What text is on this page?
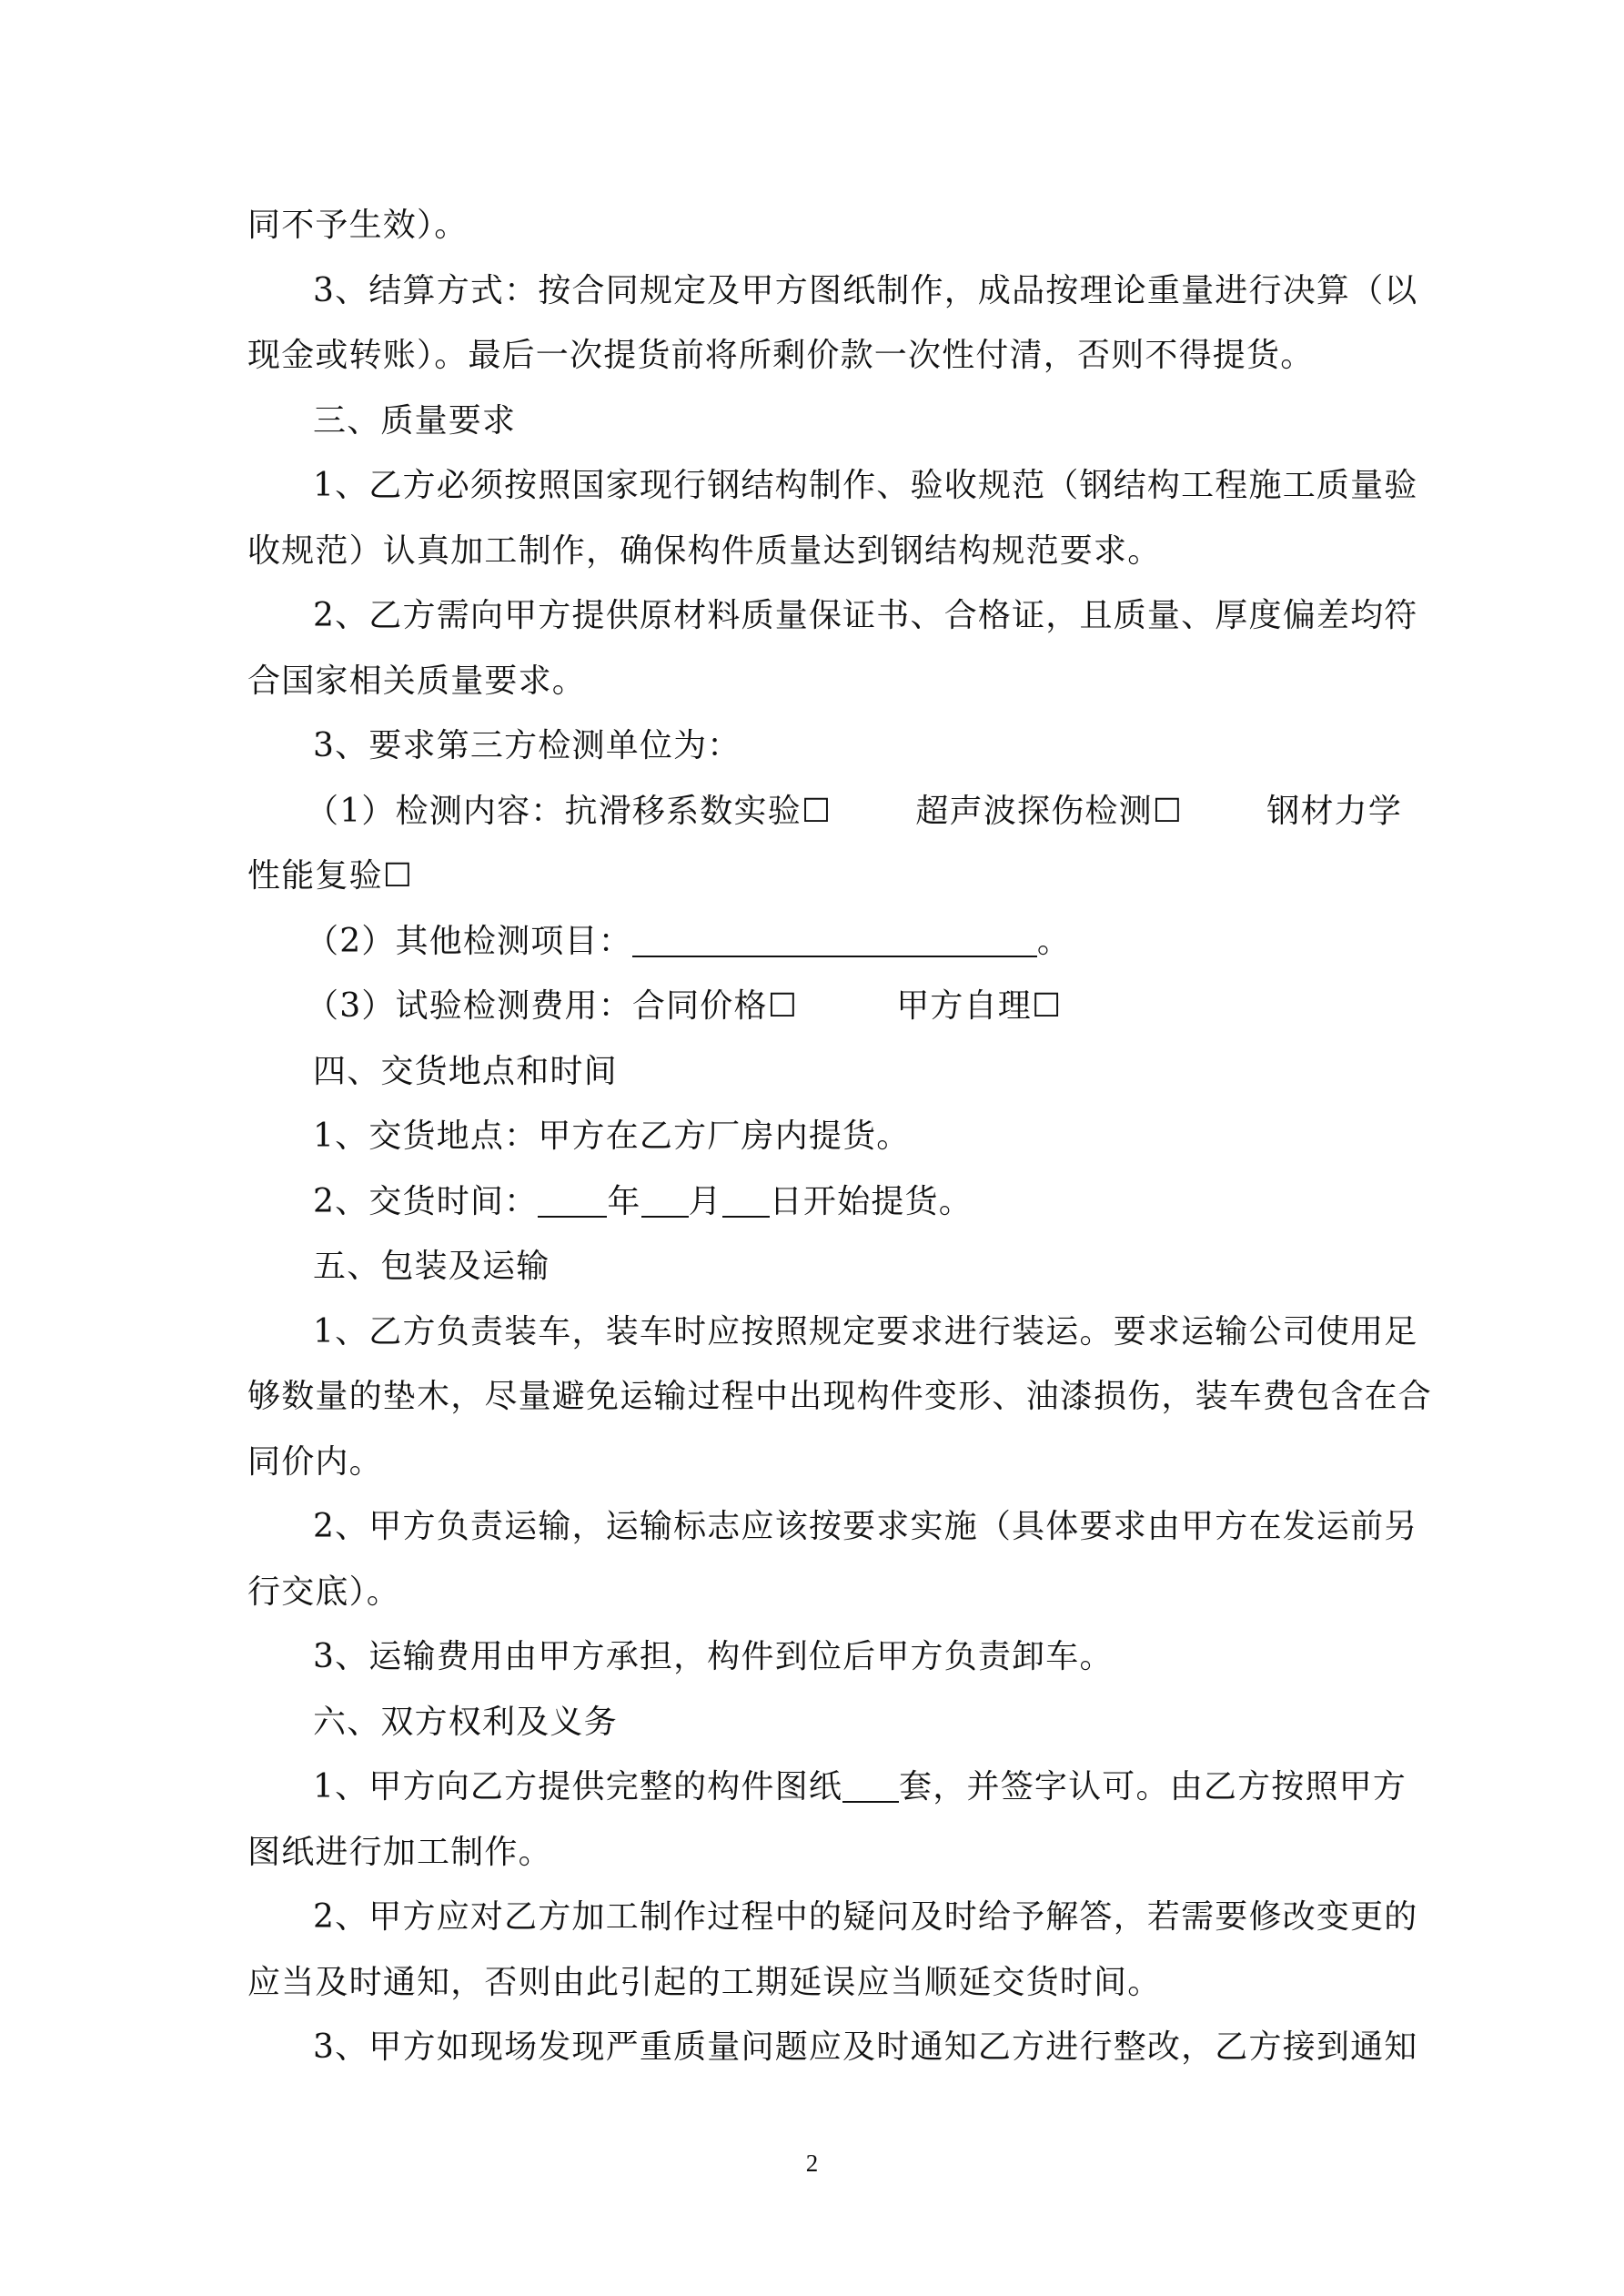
同不予生效）。
3、结算方式：按合同规定及甲方图纸制作，成品按理论重量进行决算（以
现金或转账）。最后一次提货前将所剩价款一次性付清，否则不得提货。
三、质量要求
1、乙方必须按照国家现行钢结构制作、验收规范（钢结构工程施工质量验
收规范）认真加工制作，确保构件质量达到钢结构规范要求。
2、乙方需向甲方提供原材料质量保证书、合格证，且质量、厚度偏差均符
合国家相关质量要求。
3、要求第三方检测单位为：
（1）检测内容：抗滑移系数实验☐	超声波探伤检测☐	钢材力学
性能复验☐
（2）其他检测项目：	。
（3）试验检测费用：合同价格☐	甲方自理☐
四、交货地点和时间
1、交货地点：甲方在乙方厂房内提货。
2、交货时间： 年 月 日开始提货。
五、包装及运输
1、乙方负责装车，装车时应按照规定要求进行装运。要求运输公司使用足
够数量的垫木，尽量避免运输过程中出现构件变形、油漆损伤，装车费包含在合
同价内。
2、甲方负责运输，运输标志应该按要求实施（具体要求由甲方在发运前另
行交底）。
3、运输费用由甲方承担，构件到位后甲方负责卸车。
六、双方权利及义务
1、甲方向乙方提供完整的构件图纸 套，并签字认可。由乙方按照甲方
图纸进行加工制作。
2、甲方应对乙方加工制作过程中的疑问及时给予解答，若需要修改变更的
应当及时通知，否则由此引起的工期延误应当顺延交货时间。
3、甲方如现场发现严重质量问题应及时通知乙方进行整改，乙方接到通知
2
